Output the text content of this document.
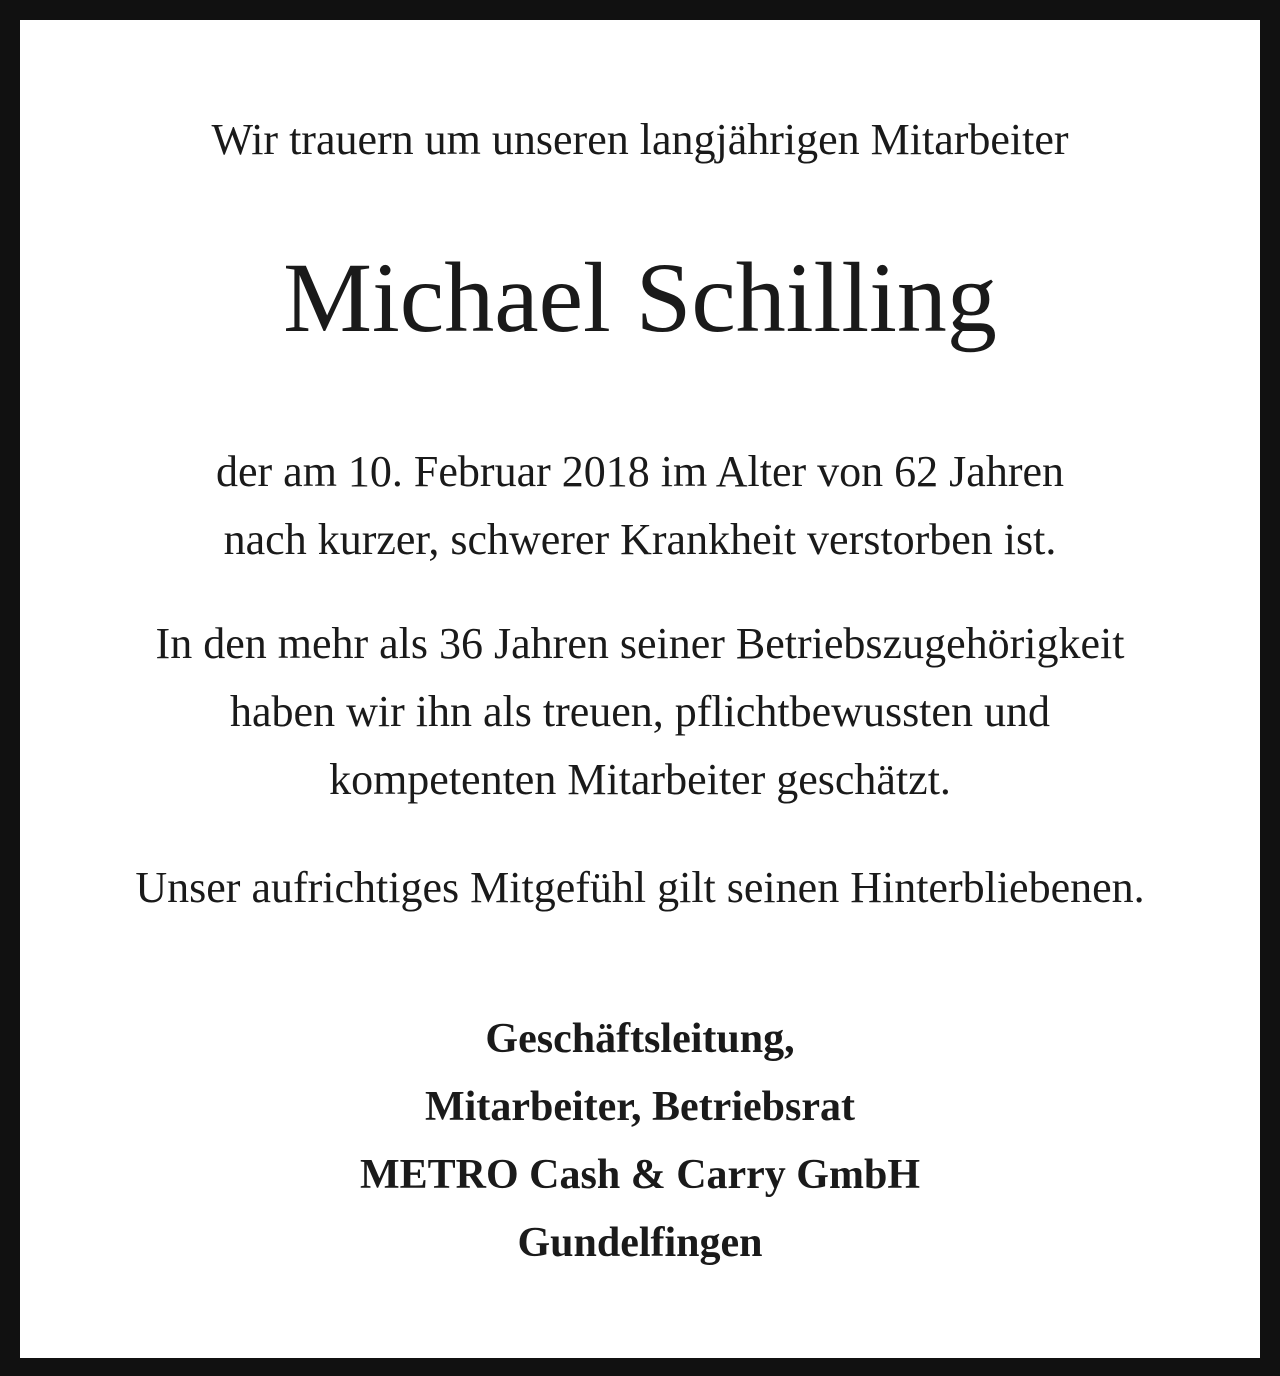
Wir trauern um unseren langjährigen Mitarbeiter
Michael Schilling
der am 10. Februar 2018 im Alter von 62 Jahren
nach kurzer, schwerer Krankheit verstorben ist.
In den mehr als 36 Jahren seiner Betriebszugehörigkeit
haben wir ihn als treuen, pflichtbewussten und
kompetenten Mitarbeiter geschätzt.
Unser aufrichtiges Mitgefühl gilt seinen Hinterbliebenen.
Geschäftsleitung,
Mitarbeiter, Betriebsrat
METRO Cash & Carry GmbH
Gundelfingen
